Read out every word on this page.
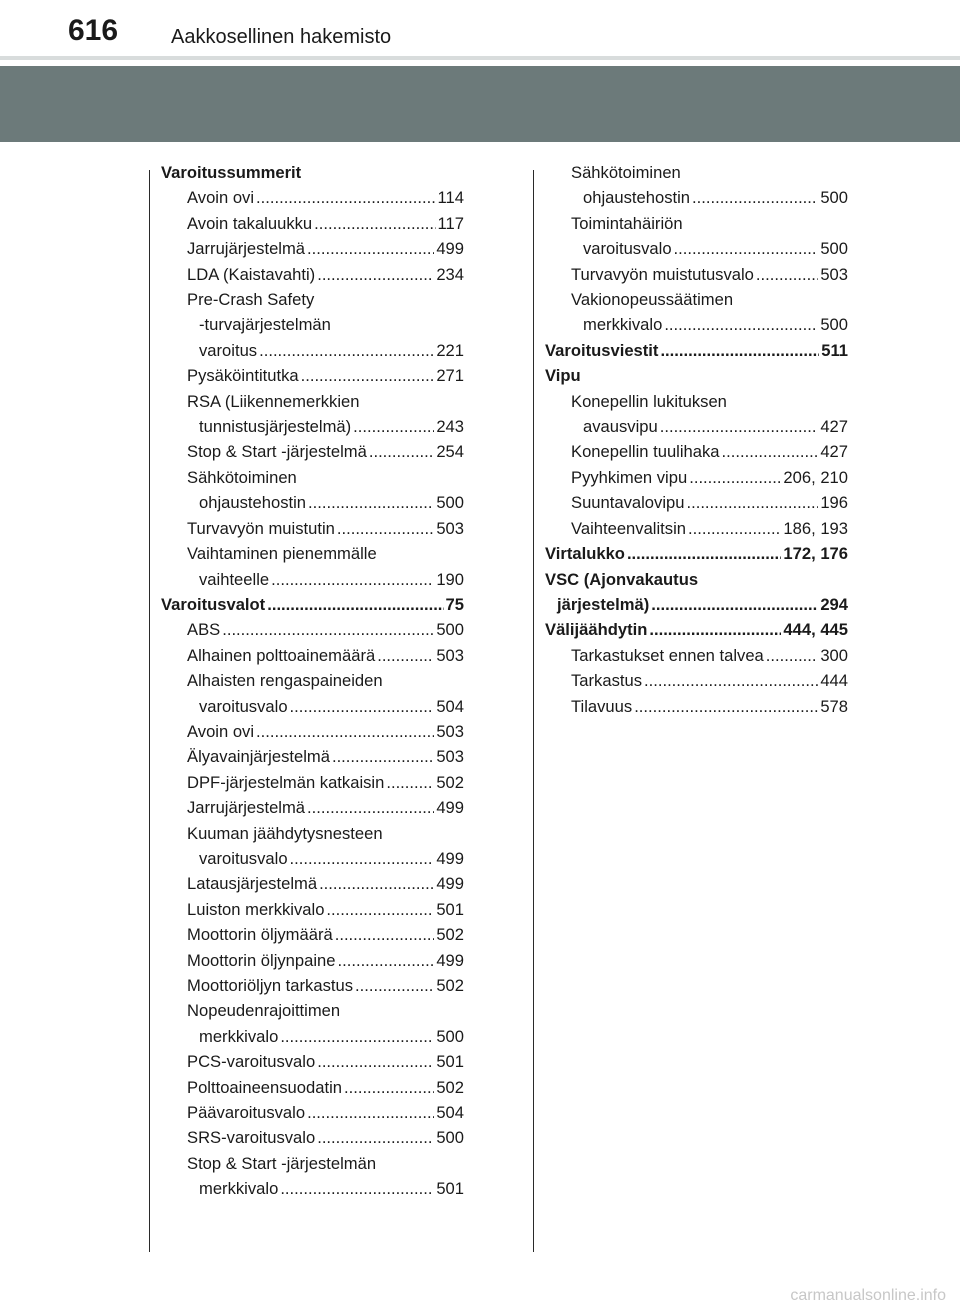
616	Aakkosellinen hakemisto
Varoitussummerit
Avoin ovi .....	114
Avoin takaluukku .....	117
Jarrujärjestelmä .....	499
LDA (Kaistavahti) .....	234
Pre-Crash Safety
-turvajärjestelmän
varoitus .....	221
Pysäköintitutka .....	271
RSA (Liikennemerkkien
tunnistusjärjestelmä) .....	243
Stop & Start -järjestelmä .....	254
Sähkötoiminen
ohjaustehostin .....	500
Turvavyön muistutin .....	503
Vaihtaminen pienemmälle
vaihteelle .....	190
Varoitusvalot .....	75
ABS .....	500
Alhainen polttoainemäärä .....	503
Alhaisten rengaspaineiden
varoitusvalo .....	504
Avoin ovi .....	503
Älyavainjärjestelmä .....	503
DPF-järjestelmän katkaisin .....	502
Jarrujärjestelmä .....	499
Kuuman jäähdytysnesteen
varoitusvalo .....	499
Latausjärjestelmä .....	499
Luiston merkkivalo .....	501
Moottorin öljymäärä .....	502
Moottorin öljynpaine .....	499
Moottoriöljyn tarkastus .....	502
Nopeudenrajoittimen
merkkivalo .....	500
PCS-varoitusvalo .....	501
Polttoaineensuodatin .....	502
Päävaroitusvalo .....	504
SRS-varoitusvalo .....	500
Stop & Start -järjestelmän
merkkivalo .....	501
Sähkötoiminen
ohjaustehostin .....	500
Toimintahäiriön
varoitusvalo .....	500
Turvavyön muistutusvalo .....	503
Vakionopeussäätimen
merkkivalo .....	500
Varoitusviestit .....	511
Vipu
Konepellin lukituksen
avausvipu .....	427
Konepellin tuulihaka .....	427
Pyyhkimen vipu .....	206, 210
Suuntavalovipu .....	196
Vaihteenvalitsin .....	186, 193
Virtalukko .....	172, 176
VSC (Ajonvakautus
järjestelmä) .....	294
Välijäähdytin .....	444, 445
Tarkastukset ennen talvea .....	300
Tarkastus .....	444
Tilavuus .....	578
carmanualsonline.info
